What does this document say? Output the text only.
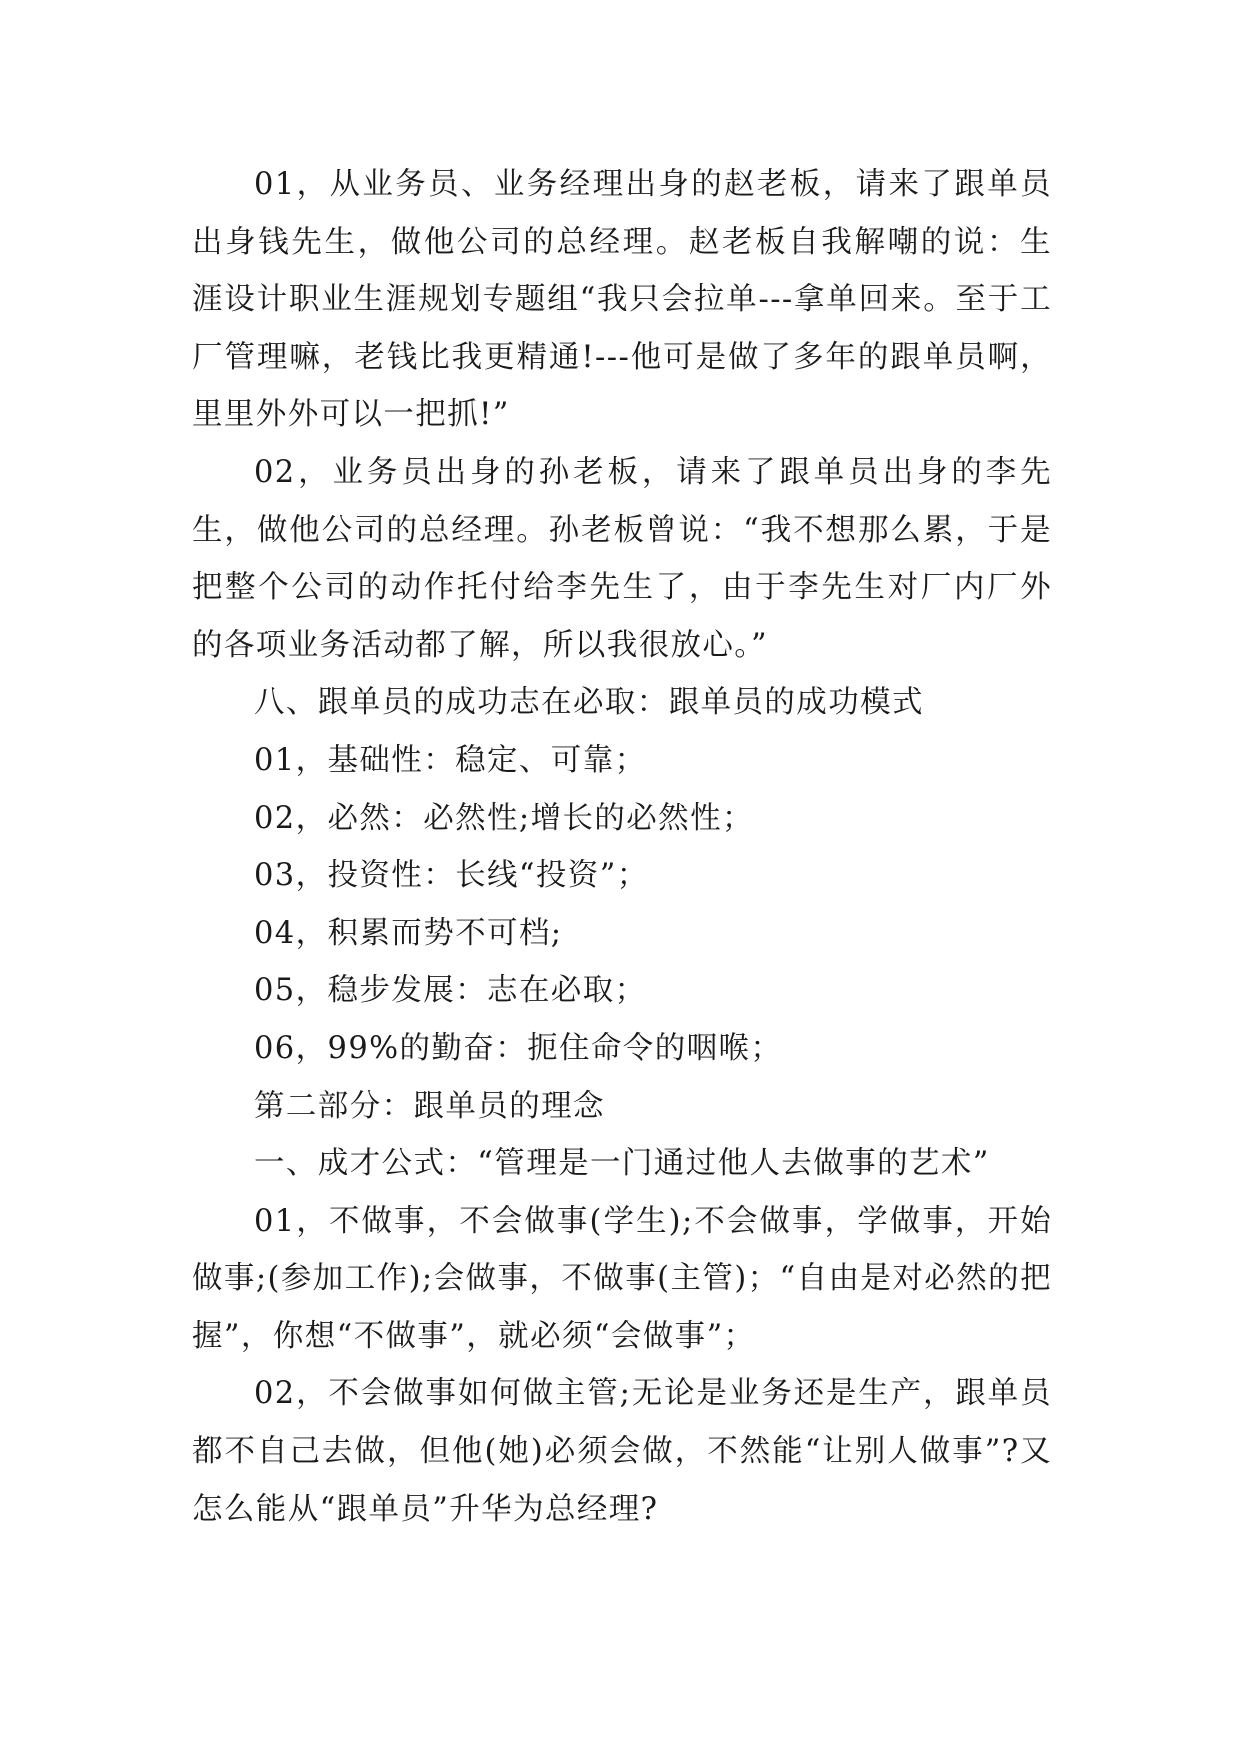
01，从业务员、业务经理出身的赵老板，请来了跟单员出身钱先生，做他公司的总经理。赵老板自我解嘲的说：生涯设计职业生涯规划专题组“我只会拉单---拿单回来。至于工厂管理嘛，老钱比我更精通!---他可是做了多年的跟单员啊，里里外外可以一把抓!”

02，业务员出身的孙老板，请来了跟单员出身的李先生，做他公司的总经理。孙老板曾说：“我不想那么累，于是把整个公司的动作托付给李先生了，由于李先生对厂内厂外的各项业务活动都了解，所以我很放心。”

八、跟单员的成功志在必取：跟单员的成功模式

01，基础性：稳定、可靠；

02，必然：必然性;增长的必然性；

03，投资性：长线“投资”；

04，积累而势不可档;

05，稳步发展：志在必取；

06，99%的勤奋：扼住命令的咽喉；

第二部分：跟单员的理念

一、成才公式：“管理是一门通过他人去做事的艺术”

01，不做事，不会做事(学生);不会做事，学做事，开始做事;(参加工作);会做事，不做事(主管)；“自由是对必然的把握”，你想“不做事”，就必须“会做事”；

02，不会做事如何做主管;无论是业务还是生产，跟单员都不自己去做，但他(她)必须会做，不然能“让别人做事”?又怎么能从“跟单员”升华为总经理?
